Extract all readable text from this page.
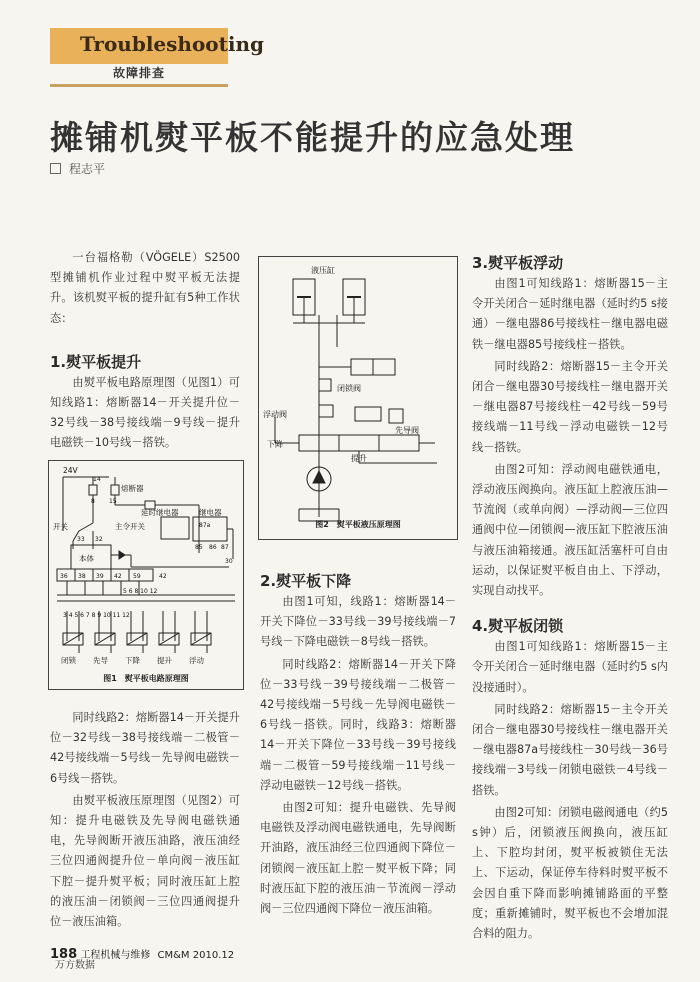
Troubleshooting
故障排查
摊铺机熨平板不能提升的应急处理
程志平

一台福格勒（VÖGELE）S2500型摊铺机作业过程中熨平板无法提升。该机熨平板的提升缸有5种工作状态：

1.熨平板提升

由熨平板电路原理图（见图1）可知线路1：熔断器14－开关提升位－32号线－38号接线端－9号线－提升电磁铁－10号线－搭铁。

24V
14
熔断器
8 15
延时继电器	继电器
开关	主令开关	87a
85 86 87
33 32
30
本体
36 38 39 42 59	42
5 6 8 10 12
3 4 5 6 7 8 9 10 11 12
闭锁 先导 下降 提升 浮动
图1　熨平板电路原理图

同时线路2：熔断器14－开关提升位－32号线－38号接线端－二极管－42号接线端－5号线－先导阀电磁铁－6号线－搭铁。

由熨平板液压原理图（见图2）可知：提升电磁铁及先导阀电磁铁通电，先导阀断开液压油路，液压油经三位四通阀提升位－单向阀－液压缸下腔－提升熨平板；同时液压缸上腔的液压油－闭锁阀－三位四通阀提升位－液压油箱。

液压缸
闭锁阀
浮动阀
先导阀
下降
提升
图2　熨平板液压原理图
2.熨平板下降

由图1可知，线路1：熔断器14－开关下降位－33号线－39号接线端－7号线－下降电磁铁－8号线－搭铁。

同时线路2：熔断器14－开关下降位－33号线－39号接线端－二极管－42号接线端－5号线－先导阀电磁铁－6号线－搭铁。同时，线路3：熔断器14－开关下降位－33号线－39号接线端－二极管－59号接线端－11号线－浮动电磁铁－12号线－搭铁。

由图2可知：提升电磁铁、先导阀电磁铁及浮动阀电磁铁通电，先导阀断开油路，液压油经三位四通阀下降位－闭锁阀－液压缸上腔－熨平板下降；同时液压缸下腔的液压油－节流阀－浮动阀－三位四通阀下降位－液压油箱。

3.熨平板浮动

由图1可知线路1：熔断器15－主令开关闭合－延时继电器（延时约5 s接通）－继电器86号接线柱－继电器电磁铁－继电器85号接线柱－搭铁。

同时线路2：熔断器15－主令开关闭合－继电器30号接线柱－继电器开关－继电器87号接线柱－42号线－59号接线端－11号线－浮动电磁铁－12号线－搭铁。

由图2可知：浮动阀电磁铁通电，浮动液压阀换向。液压缸上腔液压油—节流阀（或单向阀）—浮动阀—三位四通阀中位—闭锁阀—液压缸下腔液压油与液压油箱接通。液压缸活塞杆可自由运动，以保证熨平板自由上、下浮动，实现自动找平。

4.熨平板闭锁

由图1可知线路1：熔断器15－主令开关闭合－延时继电器（延时约5 s内没接通时）。

同时线路2：熔断器15－主令开关闭合－继电器30号接线柱－继电器开关－继电器87a号接线柱－30号线－36号接线端－3号线－闭锁电磁铁－4号线－搭铁。

由图2可知：闭锁电磁阀通电（约5 s钟）后，闭锁液压阀换向，液压缸上、下腔均封闭，熨平板被锁住无法上、下运动，保证停车待料时熨平板不会因自重下降而影响摊铺路面的平整度；重新摊铺时，熨平板也不会增加混合料的阻力。

188 工程机械与维修 CM&M 2010.12
万方数据
